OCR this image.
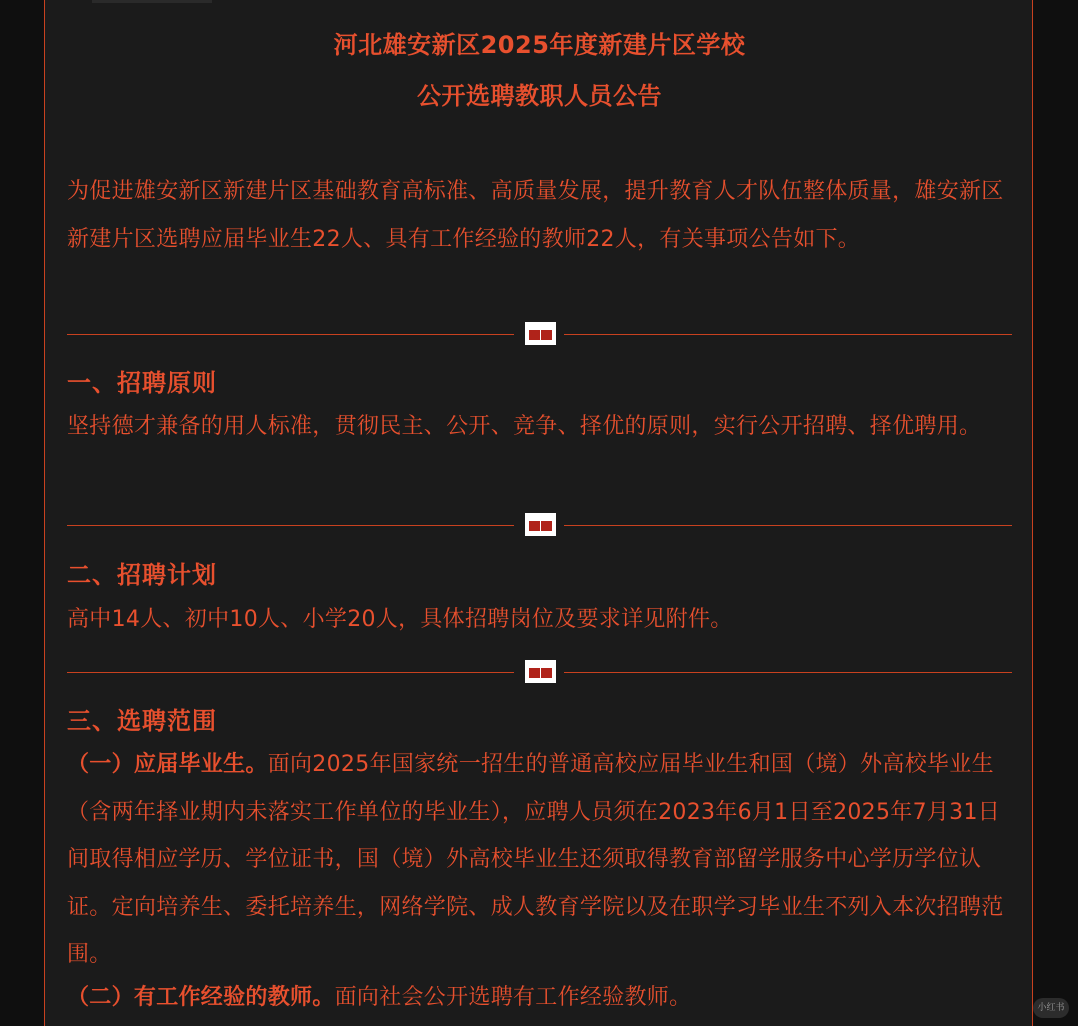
河北雄安新区2025年度新建片区学校
公开选聘教职人员公告

为促进雄安新区新建片区基础教育高标准、高质量发展，提升教育人才队伍整体质量，雄安新区新建片区选聘应届毕业生22人、具有工作经验的教师22人，有关事项公告如下。

一、招聘原则

坚持德才兼备的用人标准，贯彻民主、公开、竞争、择优的原则，实行公开招聘、择优聘用。

二、招聘计划

高中14人、初中10人、小学20人，具体招聘岗位及要求详见附件。

三、选聘范围

（一）应届毕业生。面向2025年国家统一招生的普通高校应届毕业生和国（境）外高校毕业生（含两年择业期内未落实工作单位的毕业生），应聘人员须在2023年6月1日至2025年7月31日间取得相应学历、学位证书，国（境）外高校毕业生还须取得教育部留学服务中心学历学位认证。定向培养生、委托培养生，网络学院、成人教育学院以及在职学习毕业生不列入本次招聘范围。

（二）有工作经验的教师。面向社会公开选聘有工作经验教师。	小红书
